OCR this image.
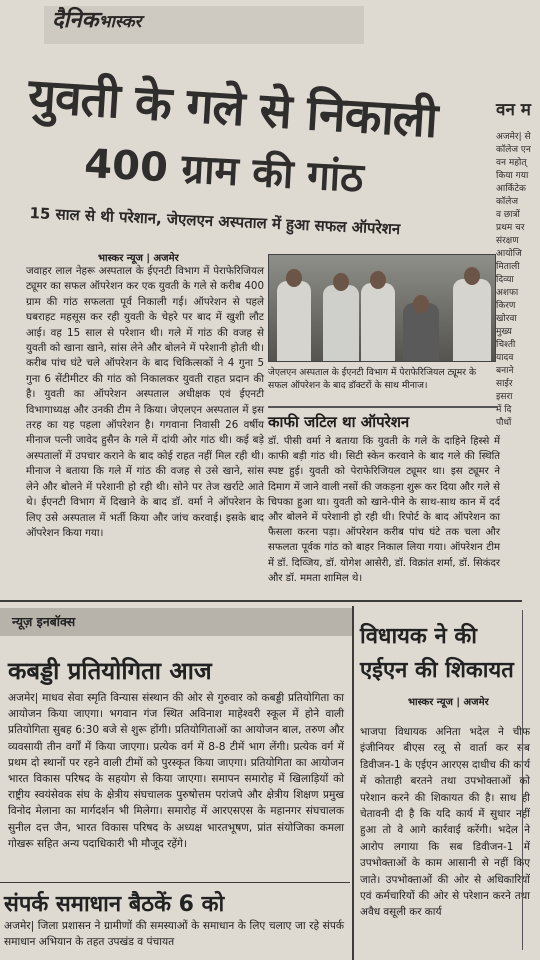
दैनिकभास्कर
युवती के गले से निकाली
400 ग्राम की गांठ
15 साल से थी परेशान, जेएलएन अस्पताल में हुआ सफल ऑपरेशन
वन म
अजमेर| से
कॉलेज एन
वन महोत्
किया गया
आर्किटेक
कॉलेज
व छात्रों
प्रथम चर
संरक्षण
आयोजि
मिताली
दिव्या
अशफा
किरण
खोरवा
मुख्य
चिश्ती
यादव
बनाने
साईर
इसरा
में दि
पौधों
भास्कर न्यूज | अजमेर
जवाहर लाल नेहरू अस्पताल के ईएनटी विभाग में पेराफेरिजियल ट्यूमर का सफल ऑपरेशन कर एक युवती के गले से करीब 400 ग्राम की गांठ सफलता पूर्व निकाली गई। ऑपरेशन से पहले घबराहट महसूस कर रही युवती के चेहरे पर बाद में खुशी लौट आई। वह 15 साल से परेशान थी। गले में गांठ की वजह से युवती को खाना खाने, सांस लेने और बोलने में परेशानी होती थी। करीब पांच घंटे चले ऑपरेशन के बाद चिकित्सकों ने 4 गुना 5 गुना 6 सेंटीमीटर की गांठ को निकालकर युवती राहत प्रदान की है। युवती का ऑपरेशन अस्पताल अधीक्षक एवं ईएनटी विभागाध्यक्ष और उनकी टीम ने किया। जेएलएन अस्पताल में इस तरह का यह पहला ऑपरेशन है। गगवाना निवासी 26 वर्षीय मीनाज पत्नी जावेद हुसैन के गले में दांयी ओर गांठ थी। कई बड़े अस्पतालों में उपचार कराने के बाद कोई राहत नहीं मिल रही थी। मीनाज ने बताया कि गले में गांठ की वजह से उसे खाने, सांस लेने और बोलने में परेशानी हो रही थी। सोने पर तेज खर्राटे आते थे। ईएनटी विभाग में दिखाने के बाद डॉ. वर्मा ने ऑपरेशन के लिए उसे अस्पताल में भर्ती किया और जांच करवाई। इसके बाद ऑपरेशन किया गया।
जेएलएन अस्पताल के ईएनटी विभाग में पेराफेरिजियल ट्यूमर के सफल ऑपरेशन के बाद डॉक्टरों के साथ मीनाज।
काफी जटिल था ऑपरेशन
डॉ. पीसी वर्मा ने बताया कि युवती के गले के दाहिने हिस्से में काफी बड़ी गांठ थी। सिटी स्केन करवाने के बाद गले की स्थिति स्पष्ट हुई। युवती को पेराफेरिजियल ट्यूमर था। इस ट्यूमर ने दिमाग में जाने वाली नसों की जकड़ना शुरू कर दिया और गले से चिपका हुआ था। युवती को खाने-पीने के साथ-साथ कान में दर्द और बोलने में परेशानी हो रही थी। रिपोर्ट के बाद ऑपरेशन का फैसला करना पड़ा। ऑपरेशन करीब पांच घंटे तक चला और सफलता पूर्वक गांठ को बाहर निकाल लिया गया। ऑपरेशन टीम में डॉ. दिव्जिय, डॉ. योगेश आसेरी, डॉ. विक्रांत शर्मा, डॉ. सिकंदर और डॉ. ममता शामिल थे।
न्यूज़ इनबॉक्स
कबड्डी प्रतियोगिता आज
अजमेर| माधव सेवा स्मृति विन्यास संस्थान की ओर से गुरुवार को कबड्डी प्रतियोगिता का आयोजन किया जाएगा। भगवान गंज स्थित अविनाश माहेश्वरी स्कूल में होने वाली प्रतियोगिता सुबह 6:30 बजे से शुरू होंगी। प्रतियोगिताओं का आयोजन बाल, तरुण और व्यवसायी तीन वर्गों में किया जाएगा। प्रत्येक वर्ग में 8-8 टीमें भाग लेंगी। प्रत्येक वर्ग में प्रथम दो स्थानों पर रहने वाली टीमों को पुरस्कृत किया जाएगा। प्रतियोगिता का आयोजन भारत विकास परिषद के सहयोग से किया जाएगा। समापन समारोह में खिलाड़ियों को राष्ट्रीय स्वयंसेवक संघ के क्षेत्रीय संघचालक पुरुषोत्तम परांजपे और क्षेत्रीय शिक्षण प्रमुख विनोद मेलाना का मार्गदर्शन भी मिलेगा। समारोह में आरएसएस के महानगर संघचालक सुनील दत्त जैन, भारत विकास परिषद के अध्यक्ष भारतभूषण, प्रांत संयोजिका कमला गोखरू सहित अन्य पदाधिकारी भी मौजूद रहेंगे।
संपर्क समाधान बैठकें 6 को
अजमेर| जिला प्रशासन ने ग्रामीणों की समस्याओं के समाधान के लिए चलाए जा रहे संपर्क समाधान अभियान के तहत उपखंड व पंचायत
विधायक ने की एईएन की शिकायत
भास्कर न्यूज | अजमेर
भाजपा विधायक अनिता भदेल ने चीफ इंजीनियर बीएस रलू से वार्ता कर सब डिवीजन-1 के एईएन आरएस दाधीच की कार्य में कोताही बरतने तथा उपभोक्ताओं को परेशान करने की शिकायत की है। साथ ही चेतावनी दी है कि यदि कार्य में सुधार नहीं हुआ तो वे आगे कार्रवाई करेंगी। भदेल ने आरोप लगाया कि सब डिवीजन-1 में उपभोक्ताओं के काम आसानी से नहीं किए जाते। उपभोक्ताओं की ओर से अधिकारियों एवं कर्मचारियों की ओर से परेशान करने तथा अवैध वसूली कर कार्य
